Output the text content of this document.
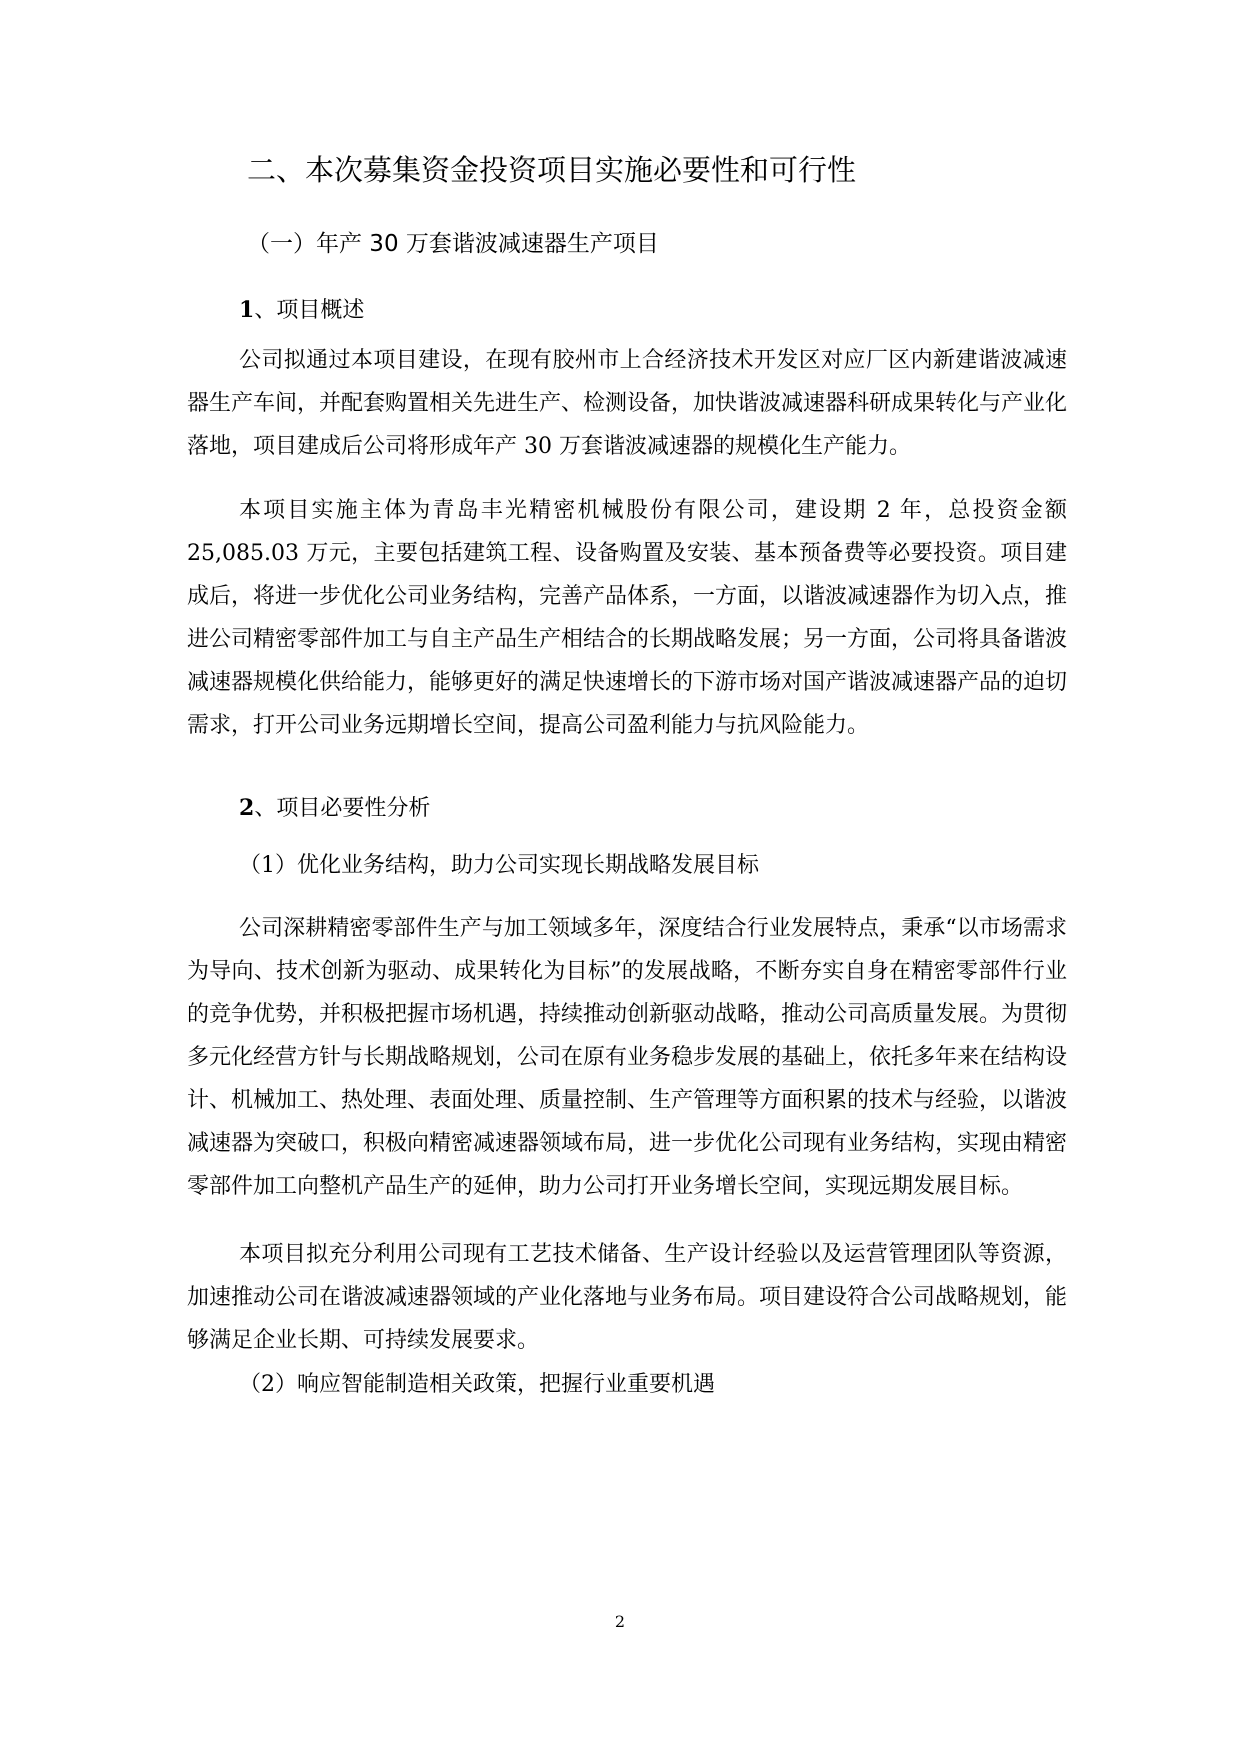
二、本次募集资金投资项目实施必要性和可行性
（一）年产 30 万套谐波减速器生产项目
1、项目概述

公司拟通过本项目建设，在现有胶州市上合经济技术开发区对应厂区内新建谐波减速器生产车间，并配套购置相关先进生产、检测设备，加快谐波减速器科研成果转化与产业化落地，项目建成后公司将形成年产 30 万套谐波减速器的规模化生产能力。

本项目实施主体为青岛丰光精密机械股份有限公司，建设期 2 年，总投资金额 25,085.03 万元，主要包括建筑工程、设备购置及安装、基本预备费等必要投资。项目建成后，将进一步优化公司业务结构，完善产品体系，一方面，以谐波减速器作为切入点，推进公司精密零部件加工与自主产品生产相结合的长期战略发展；另一方面，公司将具备谐波减速器规模化供给能力，能够更好的满足快速增长的下游市场对国产谐波减速器产品的迫切需求，打开公司业务远期增长空间，提高公司盈利能力与抗风险能力。

2、项目必要性分析
（1）优化业务结构，助力公司实现长期战略发展目标

公司深耕精密零部件生产与加工领域多年，深度结合行业发展特点，秉承“以市场需求为导向、技术创新为驱动、成果转化为目标”的发展战略，不断夯实自身在精密零部件行业的竞争优势，并积极把握市场机遇，持续推动创新驱动战略，推动公司高质量发展。为贯彻多元化经营方针与长期战略规划，公司在原有业务稳步发展的基础上，依托多年来在结构设计、机械加工、热处理、表面处理、质量控制、生产管理等方面积累的技术与经验，以谐波减速器为突破口，积极向精密减速器领域布局，进一步优化公司现有业务结构，实现由精密零部件加工向整机产品生产的延伸，助力公司打开业务增长空间，实现远期发展目标。

本项目拟充分利用公司现有工艺技术储备、生产设计经验以及运营管理团队等资源，加速推动公司在谐波减速器领域的产业化落地与业务布局。项目建设符合公司战略规划，能够满足企业长期、可持续发展要求。

（2）响应智能制造相关政策，把握行业重要机遇
2
